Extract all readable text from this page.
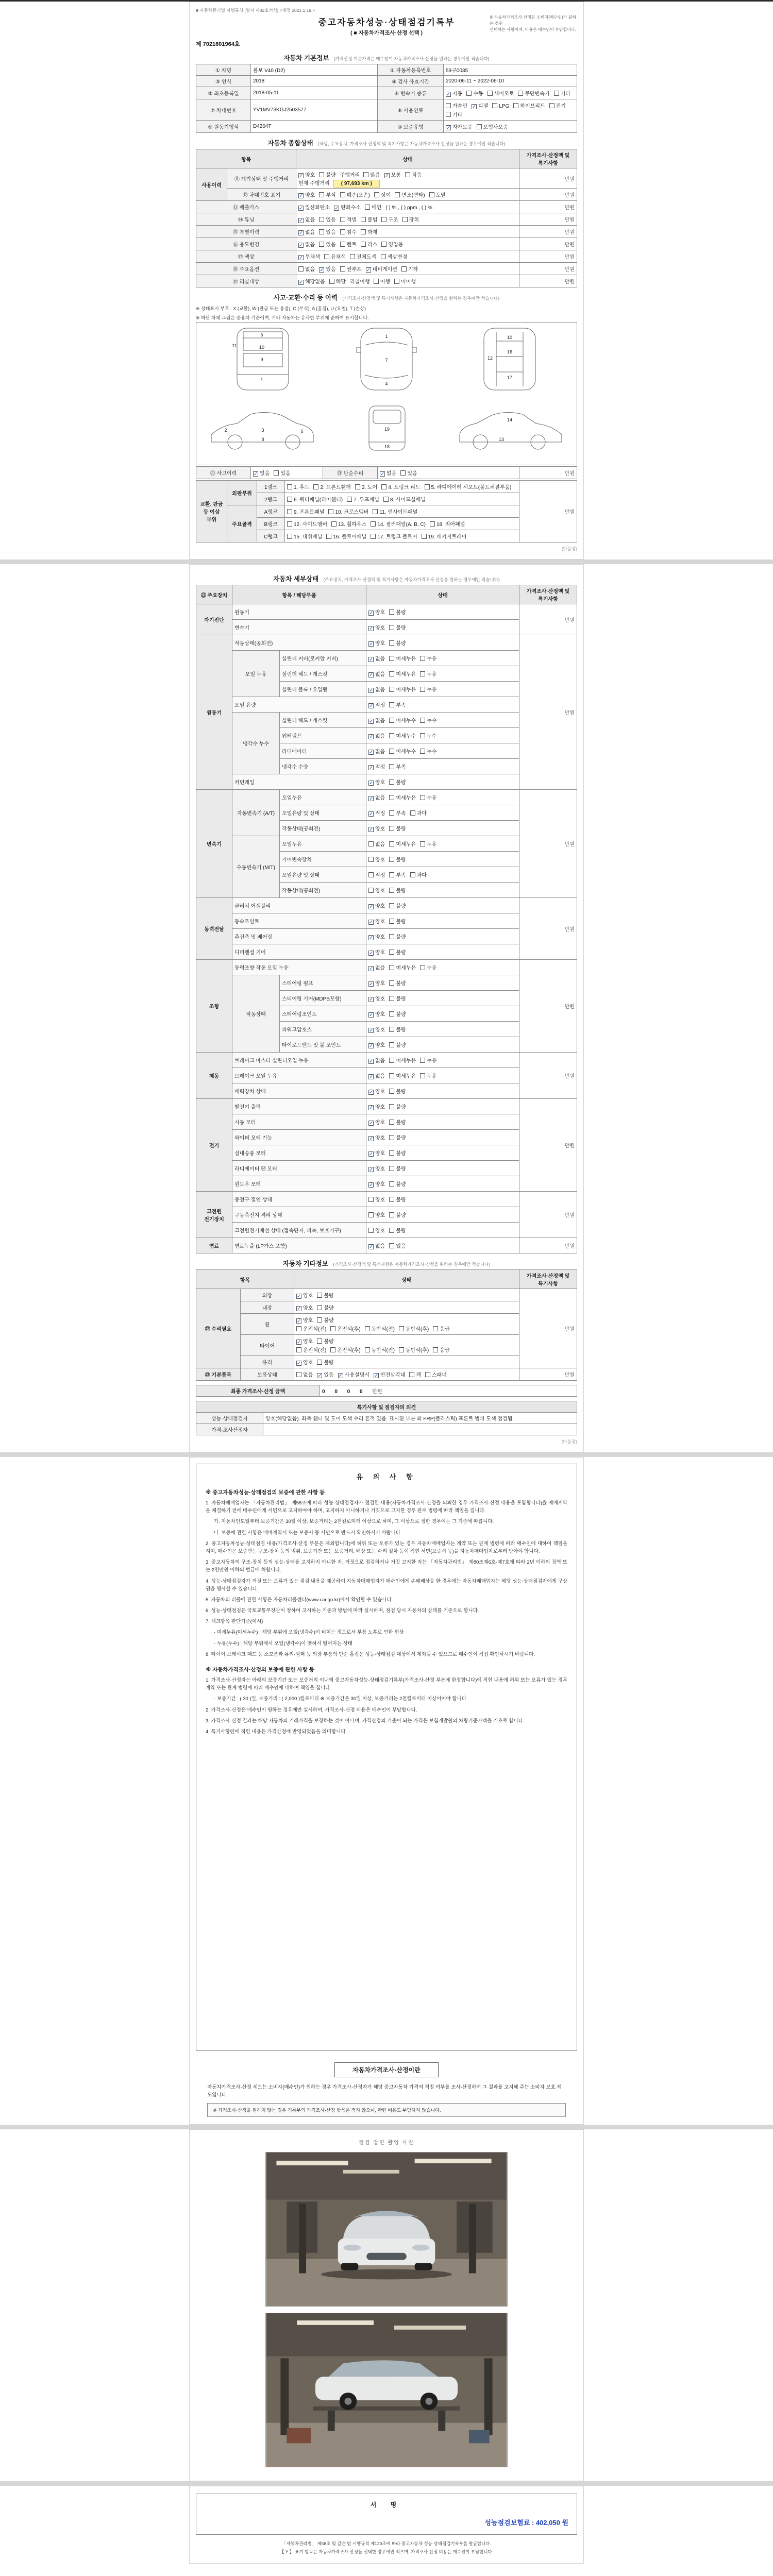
■ 자동차관리법 시행규칙 [별지 제82호서식] <개정 2021.1.19.>
※ 자동차가격조사·산정은 소비자(매수인)가 원하는 경우
선택하는 사항이며, 비용은 매수인이 부담합니다.
중고자동차성능·상태점검기록부
( ■ 자동차가격조사·산정 선택 )
제 7021601964호
자동차 기본정보 (가격산정 기준가격은 매수인이 자동차가격조사·산정을 원하는 경우에만 적습니다)
① 차명	볼보 V40 (D2)	② 자동차등록번호	59구0035
③ 연식	2018	④ 검사 유효기간	2020-06-11 ~ 2022-06-10
⑤ 최초등록일	2018-05-11	⑥ 변속기 종류	✓ 자동 수동 세미오토 무단변속기 기타
⑦ 차대번호	YV1MV73KGJ2503577	⑧ 사용연료	가솔린 ✓ 디젤 LPG 하이브리드 전기기타
⑨ 원동기형식	D4204T	⑩ 보증유형	✓ 자가보증 보험사보증
자동차 종합상태 (색상, 주요장치, 가격조사·산정액 및 특기사항은 자동차가격조사·산정을 원하는 경우에만 적습니다)
항목		상태	가격조사·산정액 및 특기사항
사용이력	⑪ 계기상태 및 주행거리	✓ 양호 불량 주행거리 많음 ✓ 보통 적음
현재 주행거리 ( 97,693 km )	만원
	⑫ 차대번호 표기	✓ 양호 부식 훼손(오손) 상이 변조(변타) 도말	만원
⑬ 배출가스		✓ 일산화탄소 ✓ 탄화수소 매연 ( ) % , ( ) ppm , ( ) %	만원
⑭ 튜닝		✓ 없음 있음 적법 불법 구조 장치	만원
⑮ 특별이력		✓ 없음 있음 침수 화재	만원
⑯ 용도변경		✓ 없음 있음 렌트 리스 영업용	만원
⑰ 색상		✓ 무채색 유채색 전체도색 색상변경	만원
⑱ 주요옵션		없음 ✓ 있음 썬루프 ✓ 네비게이션 기타	만원
⑲ 리콜대상		✓ 해당없음 해당 리콜이행 이행 미이행	만원
사고·교환·수리 등 이력 (가격조사·산정액 및 특기사항은 자동차가격조사·산정을 원하는 경우에만 적습니다)
※ 상태표시 부호 : X (교환), W (판금 또는 용접), C (부식), A (흠집), U (요철), T (손상)
※ 하단 차체 그림은 승용차 기준이며, 기타 자동차는 유사한 부위에 준하여 표시합니다.
5
10
9
11
1
1
7
4
12
10
16
17
2	3	6
8
19
18
14
13
⑳ 사고이력	✓ 없음 있음	㉑ 단순수리	✓ 없음 있음	만원
교환, 판금 등 이상 부위	외판부위	1랭크	1. 후드 2. 프론트휀더 3. 도어 4. 트렁크 리드 5. 라디에이터 서포트(볼트체결부품)	만원
		2랭크	6. 쿼터패널(리어휀더) 7. 루프패널 8. 사이드실패널	
	주요골격	A랭크	9. 프론트패널 10. 크로스멤버 11. 인사이드패널	
		B랭크	12. 사이드멤버 13. 휠하우스 14. 필러패널(A, B, C) 18. 리어패널	
		C랭크	15. 대쉬패널 16. 플로어패널 17. 트렁크 플로어 19. 패키지트레이	
(다음장)
자동차 세부상태 (주요장치, 가격조사·산정액 및 특기사항은 자동차가격조사·산정을 원하는 경우에만 적습니다)
㉒ 주요장치	항목 / 해당부품		상태	가격조사·산정액 및 특기사항
자기진단	원동기		✓ 양호 불량	만원
	변속기		✓ 양호 불량	
원동기	작동상태(공회전)		✓ 양호 불량	만원
	오일 누유	실린더 커버(로커암 커버)	✓ 없음 미세누유 누유	
		실린더 헤드 / 개스킷	✓ 없음 미세누유 누유	
		실린더 블록 / 오일팬	✓ 없음 미세누유 누유	
	오일 유량		✓ 적정 부족	
	냉각수 누수	실린더 헤드 / 개스킷	✓ 없음 미세누수 누수	
		워터펌프	✓ 없음 미세누수 누수	
		라디에이터	✓ 없음 미세누수 누수	
		냉각수 수량	✓ 적정 부족	
	커먼레일		✓ 양호 불량	
변속기	자동변속기 (A/T)	오일누유	✓ 없음 미세누유 누유	만원
		오일유량 및 상태	✓ 적정 부족 과다	
		작동상태(공회전)	✓ 양호 불량	
	수동변속기 (M/T)	오일누유	없음 미세누유 누유	
		기어변속장치	양호 불량	
		오일유량 및 상태	적정 부족 과다	
		작동상태(공회전)	양호 불량	
동력전달	클러치 어셈블리		✓ 양호 불량	만원
	등속조인트		✓ 양호 불량	
	추진축 및 베어링		✓ 양호 불량	
	디퍼렌셜 기어		✓ 양호 불량	
조향	동력조향 작동 오일 누유		✓ 없음 미세누유 누유	만원
	작동상태	스티어링 펌프	✓ 양호 불량	
		스티어링 기어(MDPS포함)	✓ 양호 불량	
		스티어링조인트	✓ 양호 불량	
		파워고압호스	✓ 양호 불량	
		타이로드엔드 및 볼 조인트	✓ 양호 불량	
제동	브레이크 마스터 실린더오일 누유		✓ 없음 미세누유 누유	만원
	브레이크 오일 누유		✓ 없음 미세누유 누유	
	배력장치 상태		✓ 양호 불량	
전기	발전기 출력		✓ 양호 불량	만원
	시동 모터		✓ 양호 불량	
	와이퍼 모터 기능		✓ 양호 불량	
	실내송풍 모터		✓ 양호 불량	
	라디에이터 팬 모터		✓ 양호 불량	
	윈도우 모터		✓ 양호 불량	
고전원 전기장치	충전구 절연 상태		양호 불량	만원
	구동축전지 격리 상태		양호 불량	
	고전원전기배선 상태 (접속단자, 피복, 보호기구)		양호 불량	
연료	연료누출 (LP가스 포함)		✓ 없음 있음	만원
자동차 기타정보 (가격조사·산정액 및 특기사항은 자동차가격조사·산정을 원하는 경우에만 적습니다)
항목		상태	가격조사·산정액 및 특기사항
㉓ 수리필요	외장	✓ 양호 불량	만원
	내장	✓ 양호 불량	
	휠	✓ 양호 불량
운전석(전) 운전석(후) 동반석(전) 동반석(후) 응급	
	타이어	✓ 양호 불량
운전석(전) 운전석(후) 동반석(전) 동반석(후) 응급	
	유리	✓ 양호 불량	
㉔ 기본품목	보유상태	없음 ✓ 있음 ✓ 사용설명서 ✓ 안전삼각대 잭 스패너	만원
최종 가격조사·산정 금액	0 0 0 0 만원
특기사항 및 점검자의 의견	
성능·상태점검자	양호(해당없음). 좌측 휀더 및 도어 도색 수리 흔적 있음. 표시된 부분 외 FRP(플라스틱) 프론트 범퍼 도색 점검됨.
가격·조사산정자	
(다음장)
유 의 사 항
※ 중고자동차성능·상태점검의 보증에 관한 사항 등
1. 자동차매매업자는 「자동차관리법」 제58조에 따라 성능·상태점검자가 점검한 내용(자동차가격조사·산정을 의뢰한 경우 가격조사·산정 내용을 포함합니다)을 매매계약을 체결하기 전에 매수인에게 서면으로 고지하여야 하며, 고지하지 아니하거나 거짓으로 고지한 경우 관계 법령에 따라 책임을 집니다.
가. 자동차인도일부터 보증기간은 30일 이상, 보증거리는 2천킬로미터 이상으로 하며, 그 이상으로 정한 경우에는 그 기준에 따릅니다.
나. 보증에 관한 사항은 매매계약서 또는 보증서 등 서면으로 반드시 확인하시기 바랍니다.
2. 중고자동차성능·상태점검 내용(가격조사·산정 부분은 제외합니다)에 허위 또는 오류가 있는 경우 자동차매매업자는 계약 또는 관계 법령에 따라 매수인에 대하여 책임을 지며, 매수인은 보증받는 구조·장치 등의 범위, 보증기간 또는 보증거리, 배상 또는 수리 절차 등이 적힌 서면(보증서 등)을 자동차매매업자로부터 받아야 합니다.
3. 중고자동차의 구조·장치 등의 성능·상태를 고지하지 아니한 자, 거짓으로 점검하거나 거짓 고지한 자는 「자동차관리법」 제80조제6호·제7호에 따라 2년 이하의 징역 또는 2천만원 이하의 벌금에 처합니다.
4. 성능·상태점검자가 거짓 또는 오류가 있는 점검 내용을 제공하여 자동차매매업자가 매수인에게 손해배상을 한 경우에는 자동차매매업자는 해당 성능·상태점검자에게 구상권을 행사할 수 있습니다.
5. 자동차의 리콜에 관한 사항은 자동차리콜센터(www.car.go.kr)에서 확인할 수 있습니다.
6. 성능·상태점검은 국토교통부장관이 정하여 고시하는 기준과 방법에 따라 실시하며, 점검 당시 자동차의 상태를 기준으로 합니다.
7. 체크항목 판단기준(예시)
· 미세누유(미세누수) : 해당 부위에 오일(냉각수)이 비치는 정도로서 부품 노후로 인한 현상
· 누유(누수) : 해당 부위에서 오일(냉각수)이 맺혀서 떨어지는 상태
8. 타이어·브레이크 패드 등 소모품과 유리·범퍼 등 외장 부품의 단순 흠집은 성능·상태점검 대상에서 제외될 수 있으므로 매수인이 직접 확인하시기 바랍니다.
※ 자동차가격조사·산정의 보증에 관한 사항 등
1. 가격조사·산정자는 아래의 보증기간 또는 보증거리 이내에 중고자동차성능·상태점검기록부(가격조사·산정 부분에 한정합니다)에 적힌 내용에 허위 또는 오류가 있는 경우 계약 또는 관계 법령에 따라 매수인에 대하여 책임을 집니다.
· 보증기간 : ( 30 )일, 보증거리 : ( 2,000 )킬로미터 ※ 보증기간은 30일 이상, 보증거리는 2천킬로미터 이상이어야 합니다.
2. 가격조사·산정은 매수인이 원하는 경우에만 실시하며, 가격조사·산정 비용은 매수인이 부담합니다.
3. 가격조사·산정 결과는 해당 자동차의 거래가격을 보장하는 것이 아니며, 가격산정의 기준이 되는 가격은 보험개발원의 차량기준가액을 기초로 합니다.
4. 특기사항란에 적힌 내용은 가격산정에 반영되었음을 의미합니다.
자동차가격조사·산정이란
자동차가격조사·산정 제도는 소비자(매수인)가 원하는 경우 가격조사·산정자가 해당 중고자동차 가격의 적정 여부를 조사·산정하여 그 결과를 고지해 주는 소비자 보호 제도입니다.
※ 가격조사·산정을 원하지 않는 경우 기록부의 가격조사·산정 항목은 적지 않으며, 관련 비용도 부담하지 않습니다.
점검 장면 촬영 사진
서 명
성능점검보험료 : 402,050 원
「자동차관리법」 제58조 및 같은 법 시행규칙 제120조에 따라 중고자동차 성능·상태점검기록부를 발급합니다.
【 Y 】 표기 항목은 자동차가격조사·산정을 선택한 경우에만 적으며, 가격조사·산정 비용은 매수인이 부담합니다.
